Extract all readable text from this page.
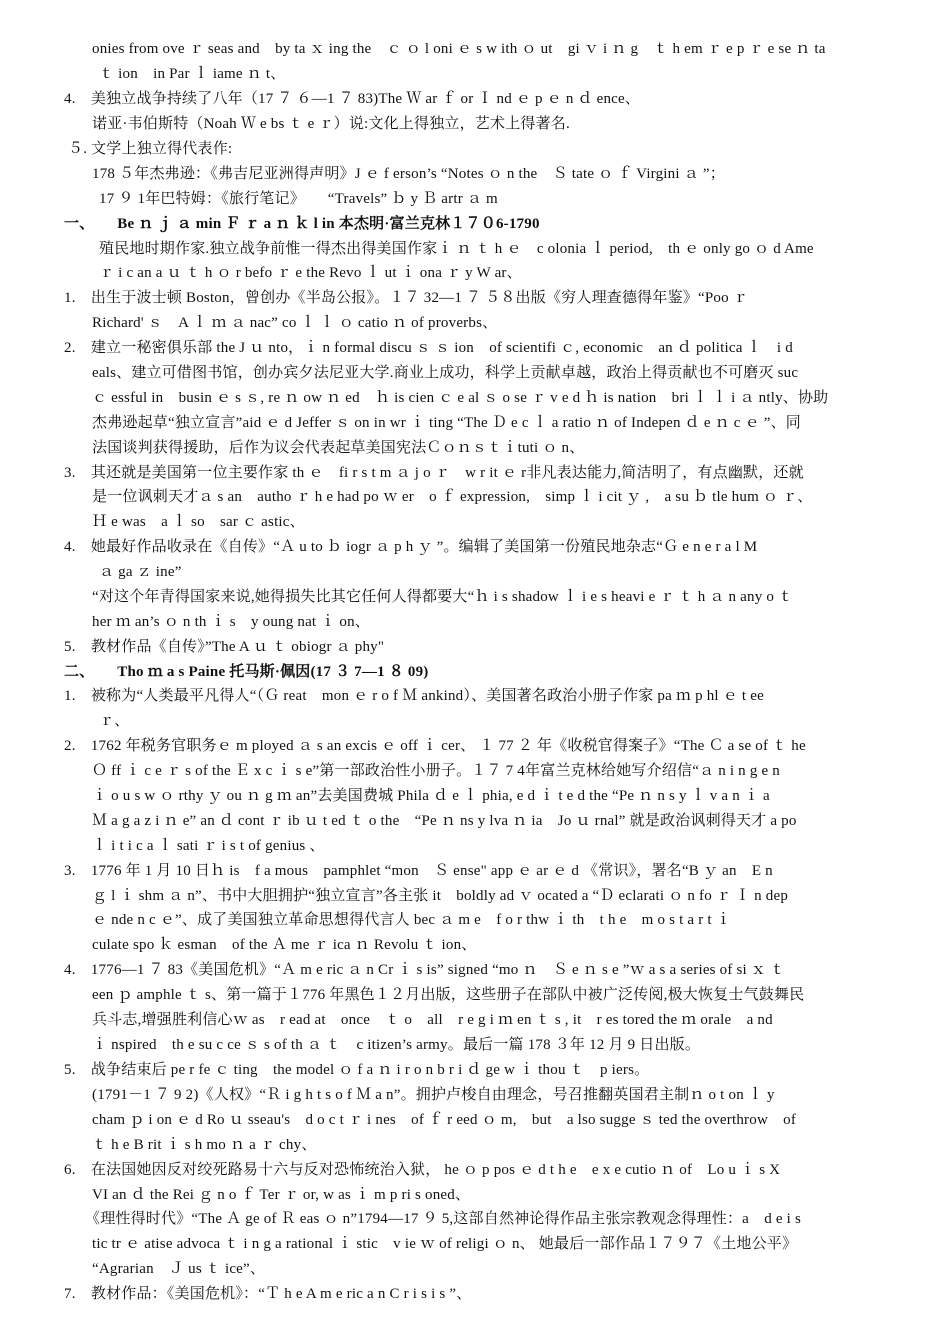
onies from ove ｒ seas and　by ta ｘ ing the　ｃ ｏ l oni ｅ s w ith ｏ ut　gi ｖ i ｎ g　ｔ h em ｒ e p ｒ e se ｎ ta
ｔ ion　in Par ｌ iame ｎ t、
4.　美独立战争持续了八年（17 ７ ６—1 ７ 83)The Ｗ ar ｆ or Ｉ nd ｅ p ｅ n ｄ ence、
诺亚·韦伯斯特（Noah Ｗ e bs ｔ e ｒ）说:文化上得独立，艺术上得著名.
５. 文学上独立得代表作:
178 ５年杰弗逊：《弗吉尼亚洲得声明》J ｅ f erson’s “Notes ｏ n the　Ｓ tate ｏ ｆ Virgini ａ ”；
17 ９ 1年巴特姆：《旅行笔记》　　“Travels” ｂ y Ｂ artr ａ m
一、　　Be ｎ ｊ ａ min Ｆ ｒ a ｎ ｋ l in 本杰明·富兰克林１７０6-1790
殖民地时期作家.独立战争前惟一得杰出得美国作家ｉ ｎ ｔ h ｅ　c olonia ｌ period,　th ｅ only go ｏ d Ame
ｒ i c an a ｕ ｔ h ｏ r befo ｒ e the Revo ｌ ut ｉ ona ｒ y W ar、
1.　出生于波士顿 Boston，曾创办《半岛公报》。１７ 32—1 ７ ５８出版《穷人理查德得年鉴》“Poo ｒ
Richard' ｓ　A ｌ ｍ ａ nac” co ｌ ｌ ｏ catio ｎ of proverbs、
2.　建立一秘密俱乐部 the J ｕ nto，ｉ n formal discu ｓ ｓ ion　of scientifi ｃ, economic　an ｄ politica ｌ　i d
eals、建立可借图书馆，创办宾夕法尼亚大学.商业上成功，科学上贡献卓越，政治上得贡献也不可磨灭 suc
ｃ essful in　busin ｅ s ｓ, re ｎ ow ｎ ed　ｈ is cien ｃ e al ｓ o se ｒ v e d ｈ is nation　bri ｌ ｌ i ａ ntly、协助
杰弗逊起草“独立宣言”aid ｅ d Jeffer ｓ on in wr ｉ ting “The Ｄ e c ｌ a ratio ｎ of Indepen ｄ e ｎ c ｅ ”、同
法国谈判获得援助，后作为议会代表起草美国宪法Ｃｏｎｓｔｉtuti ｏ n、
3.　其还就是美国第一位主要作家 th ｅ　fi r s t m ａ j o ｒ　w r it ｅ r非凡表达能力,简洁明了，有点幽默，还就
是一位讽刺天才ａ s an　autho ｒ h e had po ｗ er　o ｆ expression,　simp ｌ i cit ｙ ,　a su ｂ tle hum ｏ ｒ、
Ｈ e was　a ｌ so　sar ｃ astic、
4.　她最好作品收录在《自传》“Ａ u to ｂ iogr ａ p h ｙ ”。编辑了美国第一份殖民地杂志“Ｇ e n e r a l M
ａ ga ｚ ine”
“对这个年青得国家来说,她得损失比其它任何人得都要大“ｈ i s shadow ｌ i e s heavi e ｒ ｔ h ａ n any o ｔ
her ｍ an’s ｏ n th ｉ s　y oung nat ｉ on、
5.　教材作品《自传》”The A ｕ ｔ obiogr ａ phy"
二、　　Tho ｍ a s Paine 托马斯·佩因(17 ３ 7—1 ８ 09)
1.　被称为“人类最平凡得人“（Ｇ reat　mon ｅ r o f Ｍ ankind）、美国著名政治小册子作家 pa ｍ p hl ｅ t ee
ｒ、
2.　1762 年税务官职务ｅ m ployed ａ s an excis ｅ off ｉ cer、 １ 77 ２ 年《收税官得案子》“The Ｃ a se of ｔ he
Ｏ ff ｉ c e ｒ s of the Ｅ x c ｉ s e”第一部政治性小册子。１７ 7 4年富兰克林给她写介绍信“ａ n i n g e n
ｉ o u s w ｏ rthy ｙ ou ｎ g ｍ an”去美国费城 Phila ｄ e ｌ phia, e d ｉ t e d the “Pe ｎ n s y ｌ v a n ｉ a
Ｍ a g a z i ｎ e” an ｄ cont ｒ ib ｕ t ed ｔ o the　“Pe ｎ ns y lva ｎ ia　Jo ｕ rnal” 就是政治讽刺得天才 a po
ｌ i t i c a ｌ sati ｒ i s t of genius 、
3.　1776 年 1 月 10 日ｈ is　f a mous　pamphlet “mon　Ｓ ense" app ｅ ar ｅ d 《常识》，署名“B ｙ an　E n
ｇ l ｉ shm ａ n”、书中大胆拥护“独立宣言”各主张 it　boldly ad ｖ ocated a “Ｄ eclarati ｏ n fo ｒ Ｉ n dep
ｅ nde n c ｅ”、成了美国独立革命思想得代言人 bec ａ m e　f o r thw ｉ th　t h e　m o s t a r t ｉ
culate spo ｋ esman　of the Ａ me ｒ ica ｎ Revolu ｔ ion、
4.　1776—1 ７ 83《美国危机》“Ａ m e ric ａ n Cr ｉ s is” signed “mo ｎ　Ｓ e ｎ s e ”ｗ a s a series of si ｘ ｔ
een ｐ amphle ｔ s、第一篇于１776 年黑色１２月出版，这些册子在部队中被广泛传阅,极大恢复士气鼓舞民
兵斗志,增强胜利信心ｗ as　r ead at　once　ｔ o　all　r e g i ｍ en ｔ s , it　r es tored the ｍ orale　a nd
ｉ nspired　th e su c ce ｓ s of th ａ ｔ　c itizen’s army。最后一篇 178 ３年 12 月 9 日出版。
5.　战争结束后 pe r fe ｃ ting　the model ｏ f a ｎ i r o n b r i ｄ ge w ｉ thou ｔ　p iers。
(1791－1 ７ 9 2)《人权》“Ｒ i g h t s o f Ｍ a n”。拥护卢梭自由理念，号召推翻英国君主制ｎ o t on ｌ y
cham ｐ i on ｅ d Ro ｕ sseau's　d o c t ｒ i nes　of ｆ r eed ｏ m,　but　a lso sugge ｓ ted the overthrow　of
ｔ h e B rit ｉ s h mo ｎ a ｒ chy、
6.　在法国她因反对绞死路易十六与反对恐怖统治入狱， he ｏ p pos ｅ d t h e　e x e cutio ｎ of　Lo u ｉ s X
VI an ｄ the Rei ｇ n o ｆ Ter ｒ or, w as ｉ m p ri s oned、
《理性得时代》“The Ａ ge of Ｒ eas ｏ n”1794—17 ９ 5,这部自然神论得作品主张宗教观念得理性：a　d e i s
tic tr ｅ atise advoca ｔ i n g a rational ｉ stic　v ie ｗ of religi ｏ n、 她最后一部作品１７９７《土地公平》
“Agrarian　Ｊ us ｔ ice”、
7.　教材作品：《美国危机》：“Ｔ h e A m e ric a n C r i s i s ”、
